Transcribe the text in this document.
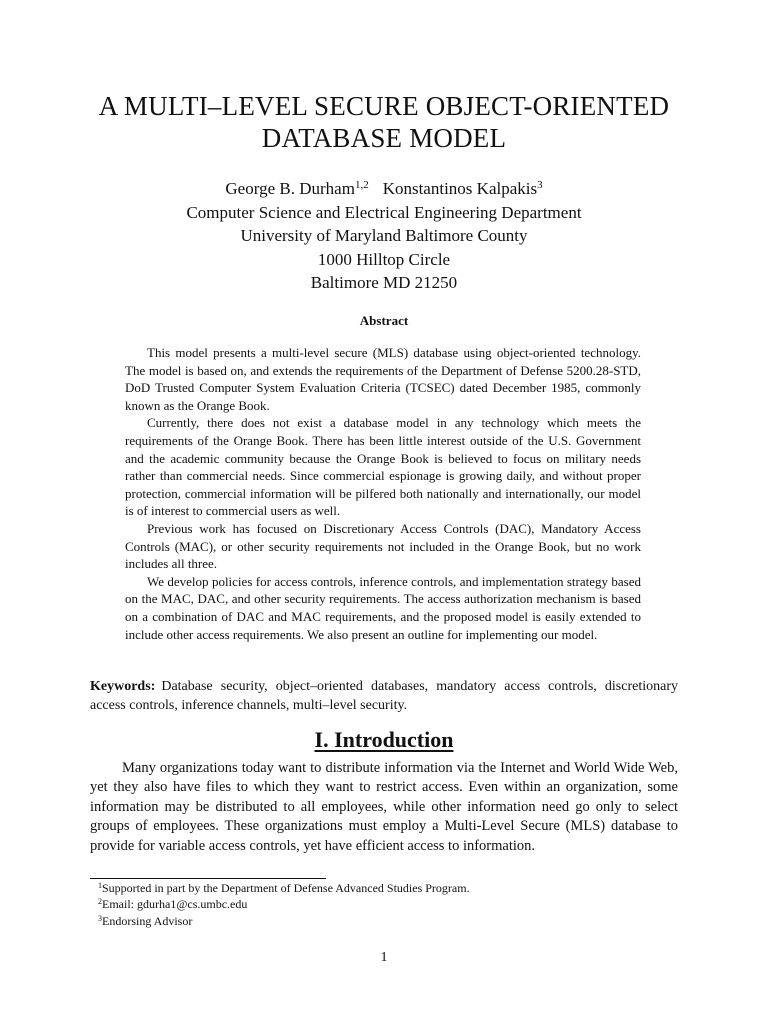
A MULTI–LEVEL SECURE OBJECT-ORIENTED
DATABASE MODEL
George B. Durham$^{1,2}$ Konstantinos Kalpakis$^3$
Computer Science and Electrical Engineering Department
University of Maryland Baltimore County
1000 Hilltop Circle
Baltimore MD 21250
Abstract

This model presents a multi-level secure (MLS) database using object-oriented technology. The model is based on, and extends the requirements of the Department of Defense 5200.28-STD, DoD Trusted Computer System Evaluation Criteria (TCSEC) dated December 1985, commonly known as the Orange Book.

Currently, there does not exist a database model in any technology which meets the requirements of the Orange Book. There has been little interest outside of the U.S. Government and the academic community because the Orange Book is believed to focus on military needs rather than commercial needs. Since commercial espionage is growing daily, and without proper protection, commercial information will be pilfered both nationally and internationally, our model is of interest to commercial users as well.

Previous work has focused on Discretionary Access Controls (DAC), Mandatory Access Controls (MAC), or other security requirements not included in the Orange Book, but no work includes all three.

We develop policies for access controls, inference controls, and implementation strategy based on the MAC, DAC, and other security requirements. The access authorization mechanism is based on a combination of DAC and MAC requirements, and the proposed model is easily extended to include other access requirements. We also present an outline for implementing our model.

Keywords: Database security, object–oriented databases, mandatory access controls, discretionary access controls, inference channels, multi–level security.
I. Introduction

Many organizations today want to distribute information via the Internet and World Wide Web, yet they also have files to which they want to restrict access. Even within an organization, some information may be distributed to all employees, while other information need go only to select groups of employees. These organizations must employ a Multi-Level Secure (MLS) database to provide for variable access controls, yet have efficient access to information.

$^1$Supported in part by the Department of Defense Advanced Studies Program.
$^2$Email: gdurha1@cs.umbc.edu
$^3$Endorsing Advisor
1
